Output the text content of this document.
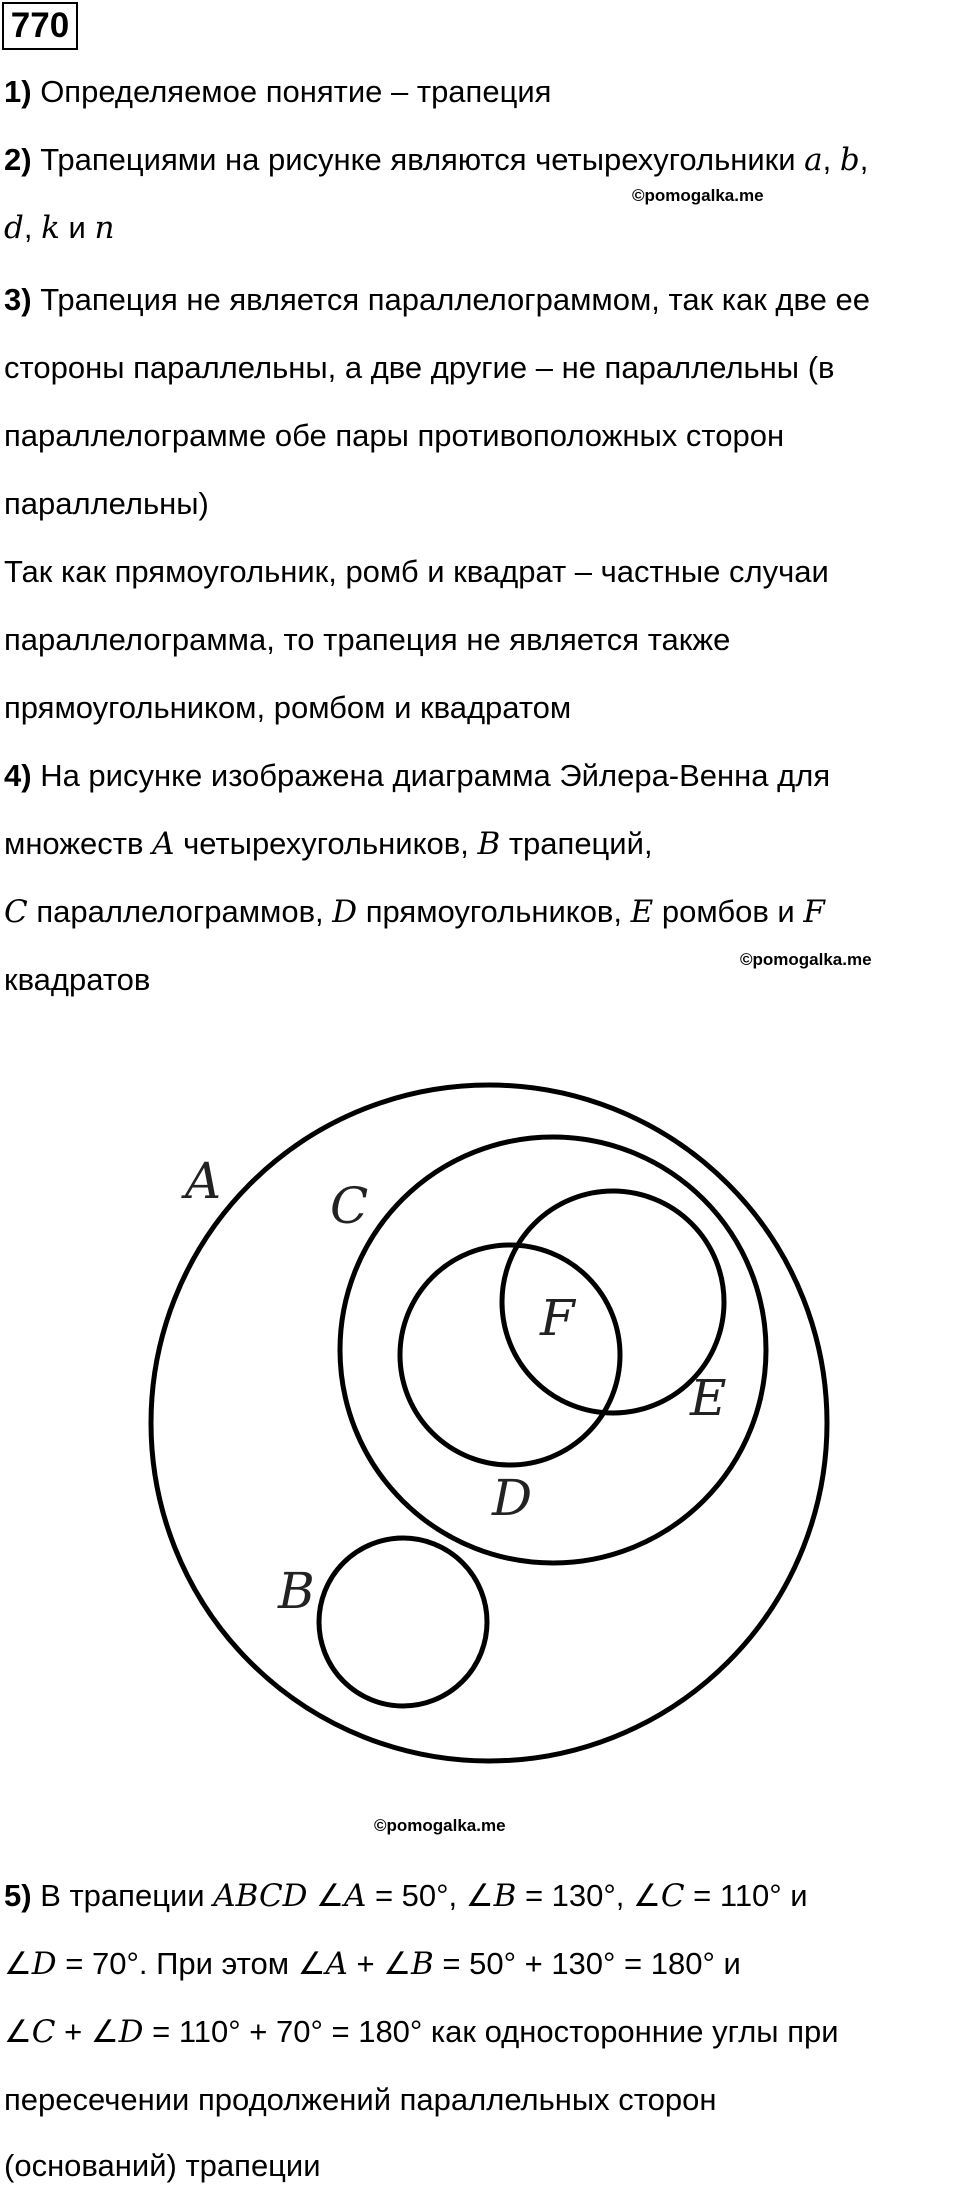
770
1) Определяемое понятие – трапеция
2) Трапециями на рисунке являются четырехугольники a, b,
©pomogalka.me
d, k и n
3) Трапеция не является параллелограммом, так как две ее
стороны параллельны, а две другие – не параллельны (в
параллелограмме обе пары противоположных сторон
параллельны)
Так как прямоугольник, ромб и квадрат – частные случаи
параллелограмма, то трапеция не является также
прямоугольником, ромбом и квадратом
4) На рисунке изображена диаграмма Эйлера-Венна для
множеств A четырехугольников, B трапеций,
C параллелограммов, D прямоугольников, E ромбов и F
©pomogalka.me
квадратов
A C
F
E
D
B
©pomogalka.me
5) В трапеции ABCD ∠A = 50°, ∠B = 130°, ∠C = 110° и
∠D = 70°. При этом ∠A + ∠B = 50° + 130° = 180° и
∠C + ∠D = 110° + 70° = 180° как односторонние углы при
пересечении продолжений параллельных сторон
(оснований) трапеции
